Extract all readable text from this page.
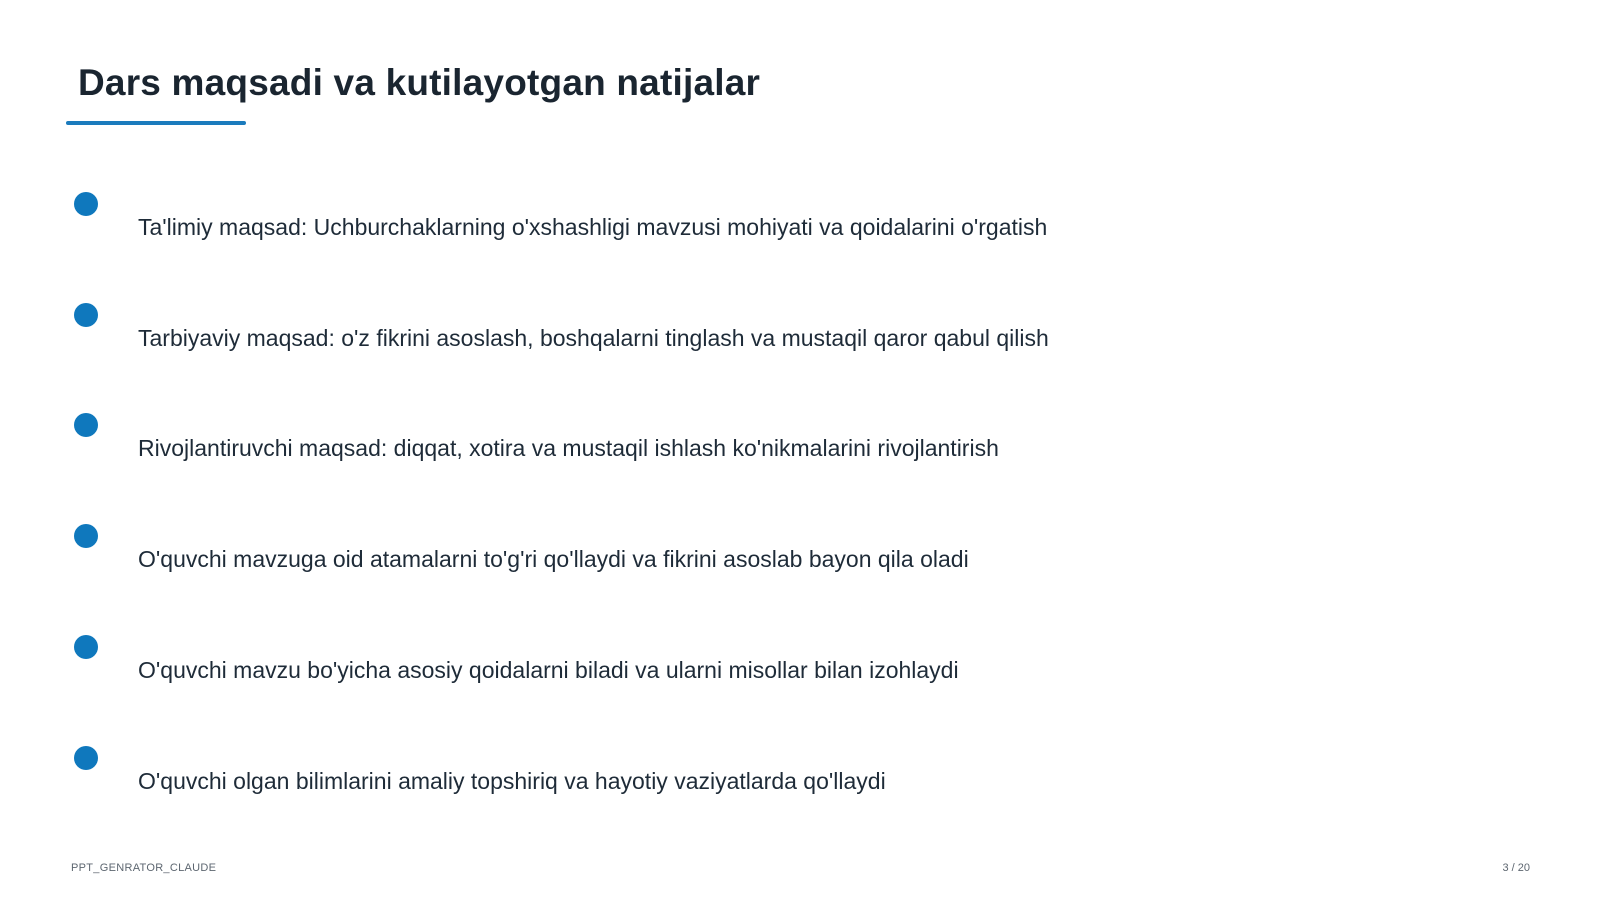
Dars maqsadi va kutilayotgan natijalar
Ta'limiy maqsad: Uchburchaklarning o'xshashligi mavzusi mohiyati va qoidalarini o'rgatish
Tarbiyaviy maqsad: o'z fikrini asoslash, boshqalarni tinglash va mustaqil qaror qabul qilish
Rivojlantiruvchi maqsad: diqqat, xotira va mustaqil ishlash ko'nikmalarini rivojlantirish
O'quvchi mavzuga oid atamalarni to'g'ri qo'llaydi va fikrini asoslab bayon qila oladi
O'quvchi mavzu bo'yicha asosiy qoidalarni biladi va ularni misollar bilan izohlaydi
O'quvchi olgan bilimlarini amaliy topshiriq va hayotiy vaziyatlarda qo'llaydi
PPT_GENRATOR_CLAUDE	3 / 20
